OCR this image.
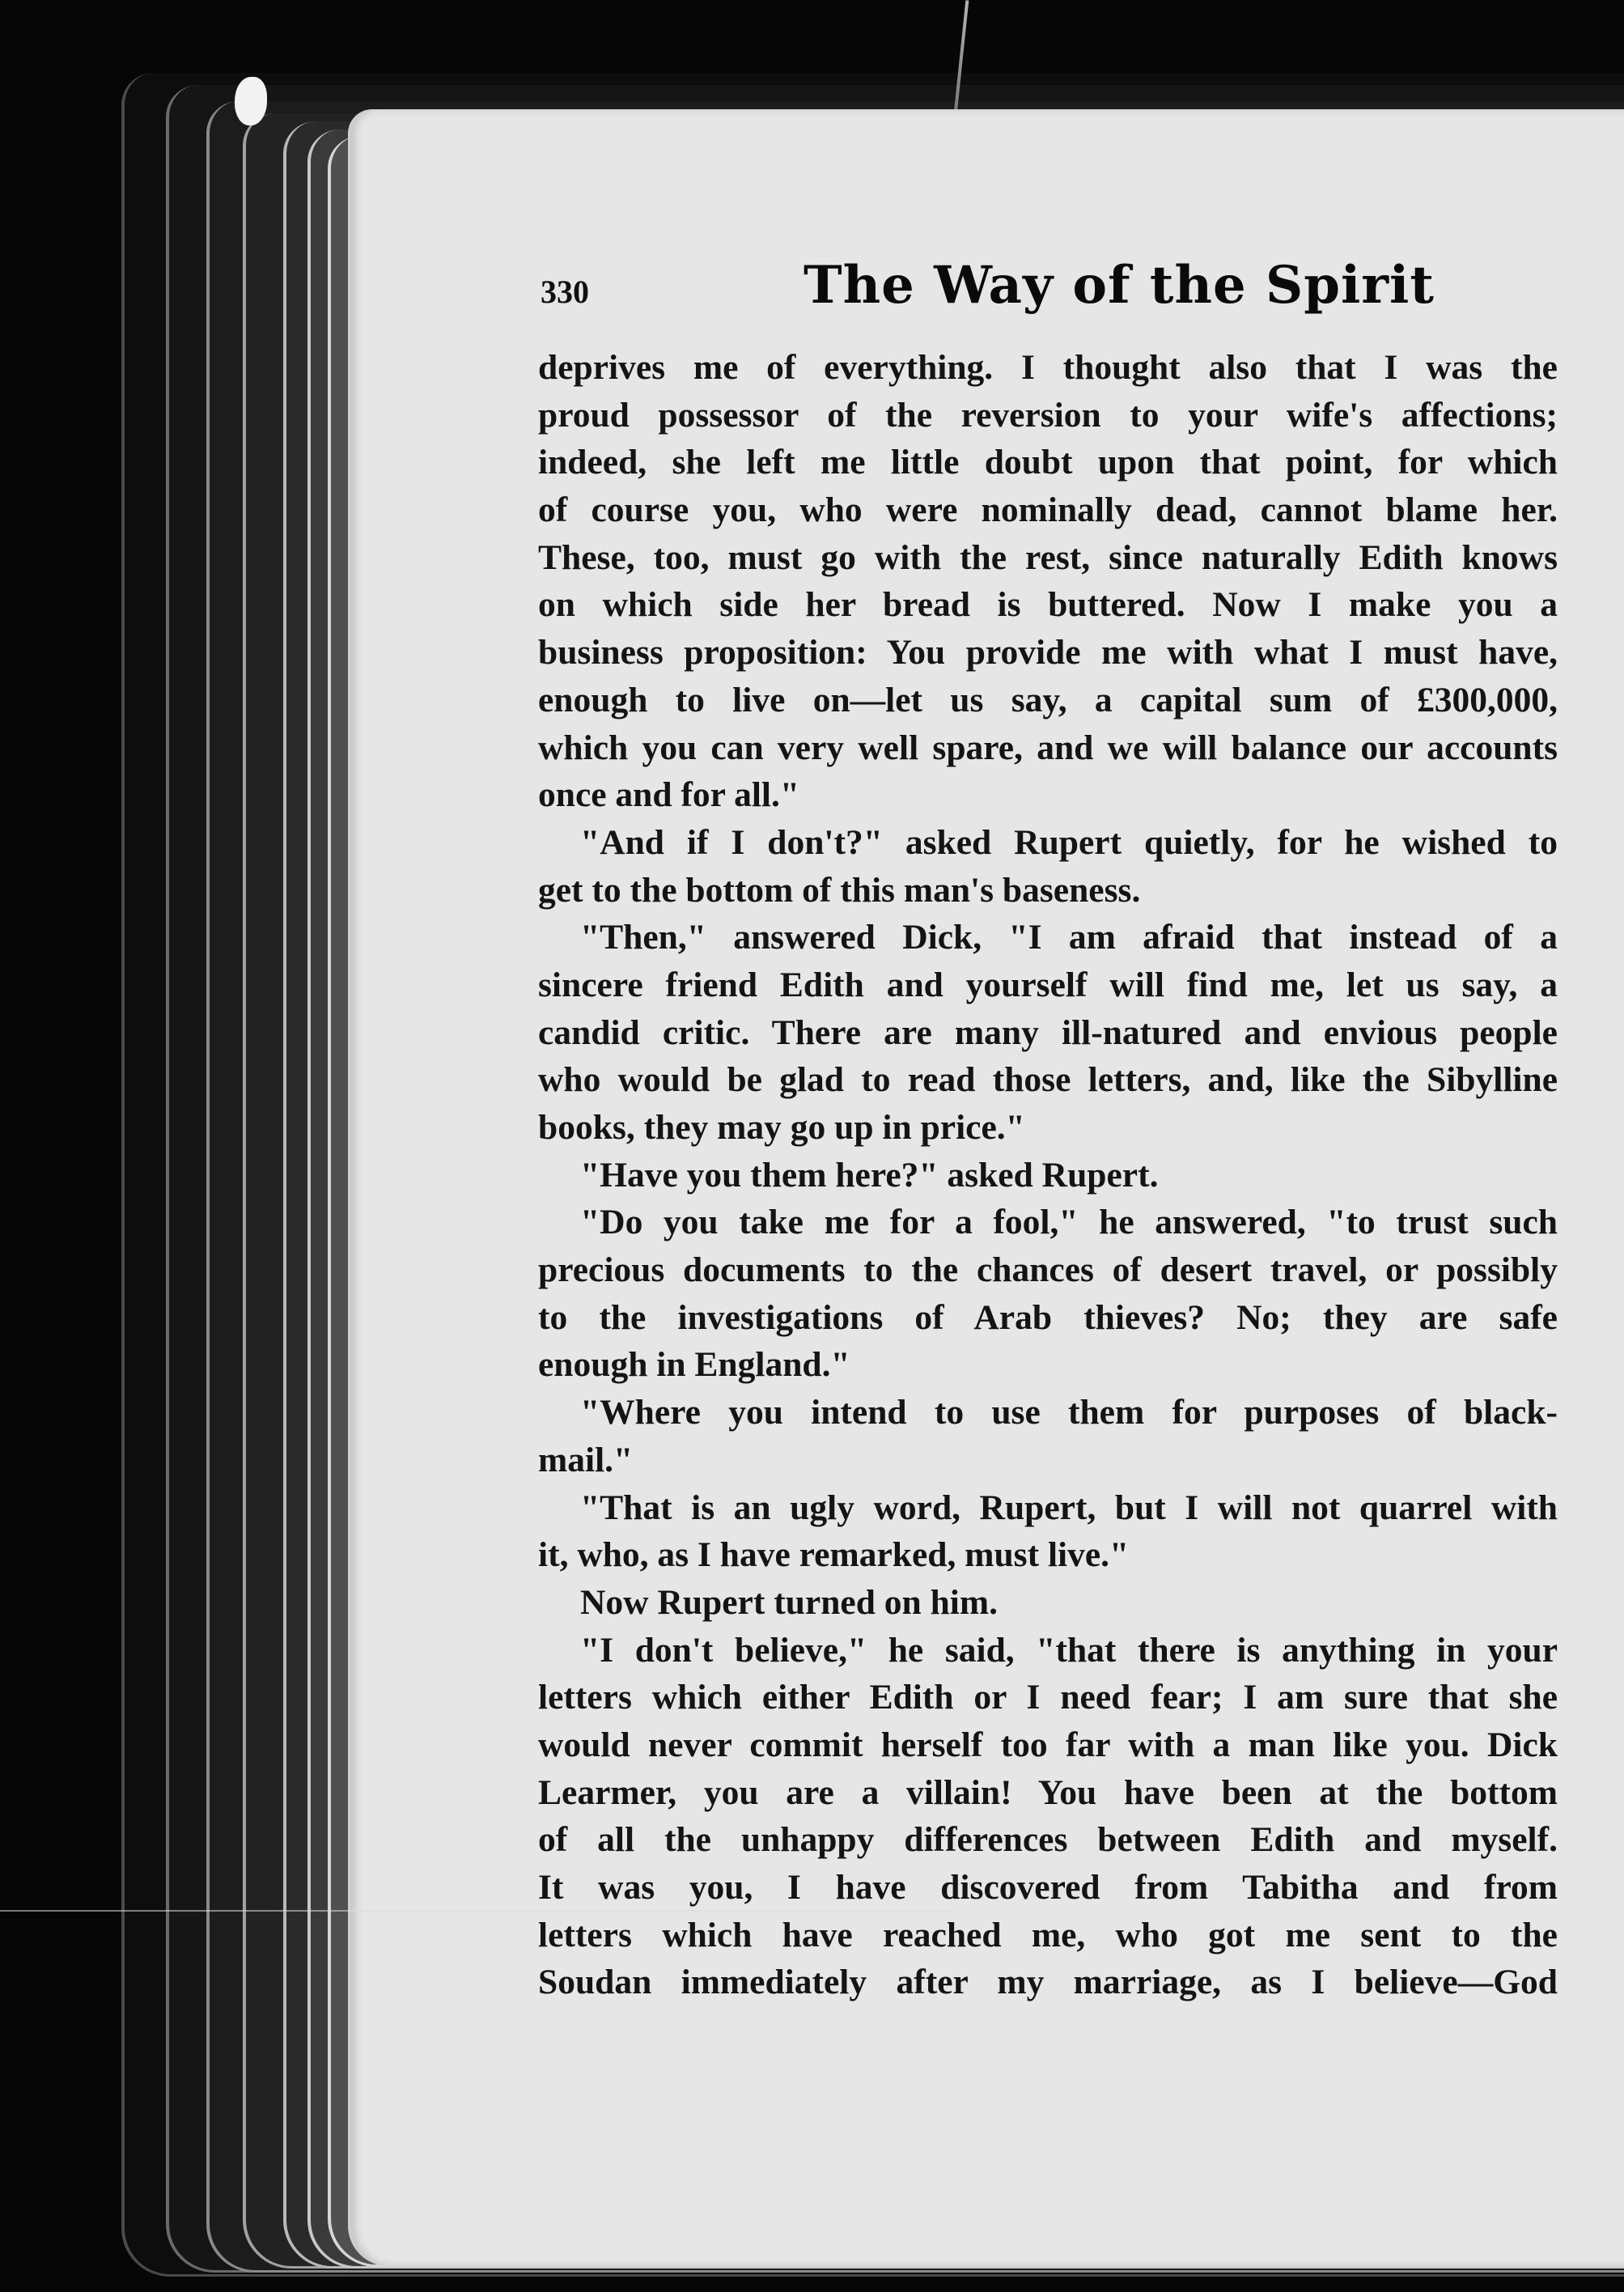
330	The Way of the Spirit
deprives me of everything. I thought also that I was the
proud possessor of the reversion to your wife's affections;
indeed, she left me little doubt upon that point, for which
of course you, who were nominally dead, cannot blame her.
These, too, must go with the rest, since naturally Edith knows
on which side her bread is buttered. Now I make you a
business proposition: You provide me with what I must have,
enough to live on—let us say, a capital sum of £300,000,
which you can very well spare, and we will balance our accounts
once and for all."
"And if I don't?" asked Rupert quietly, for he wished to
get to the bottom of this man's baseness.
"Then," answered Dick, "I am afraid that instead of a
sincere friend Edith and yourself will find me, let us say, a
candid critic. There are many ill-natured and envious people
who would be glad to read those letters, and, like the Sibylline
books, they may go up in price."
"Have you them here?" asked Rupert.
"Do you take me for a fool," he answered, "to trust such
precious documents to the chances of desert travel, or possibly
to the investigations of Arab thieves? No; they are safe
enough in England."
"Where you intend to use them for purposes of black-
mail."
"That is an ugly word, Rupert, but I will not quarrel with
it, who, as I have remarked, must live."
Now Rupert turned on him.
"I don't believe," he said, "that there is anything in your
letters which either Edith or I need fear; I am sure that she
would never commit herself too far with a man like you. Dick
Learmer, you are a villain! You have been at the bottom
of all the unhappy differences between Edith and myself.
It was you, I have discovered from Tabitha and from
letters which have reached me, who got me sent to the
Soudan immediately after my marriage, as I believe—God
